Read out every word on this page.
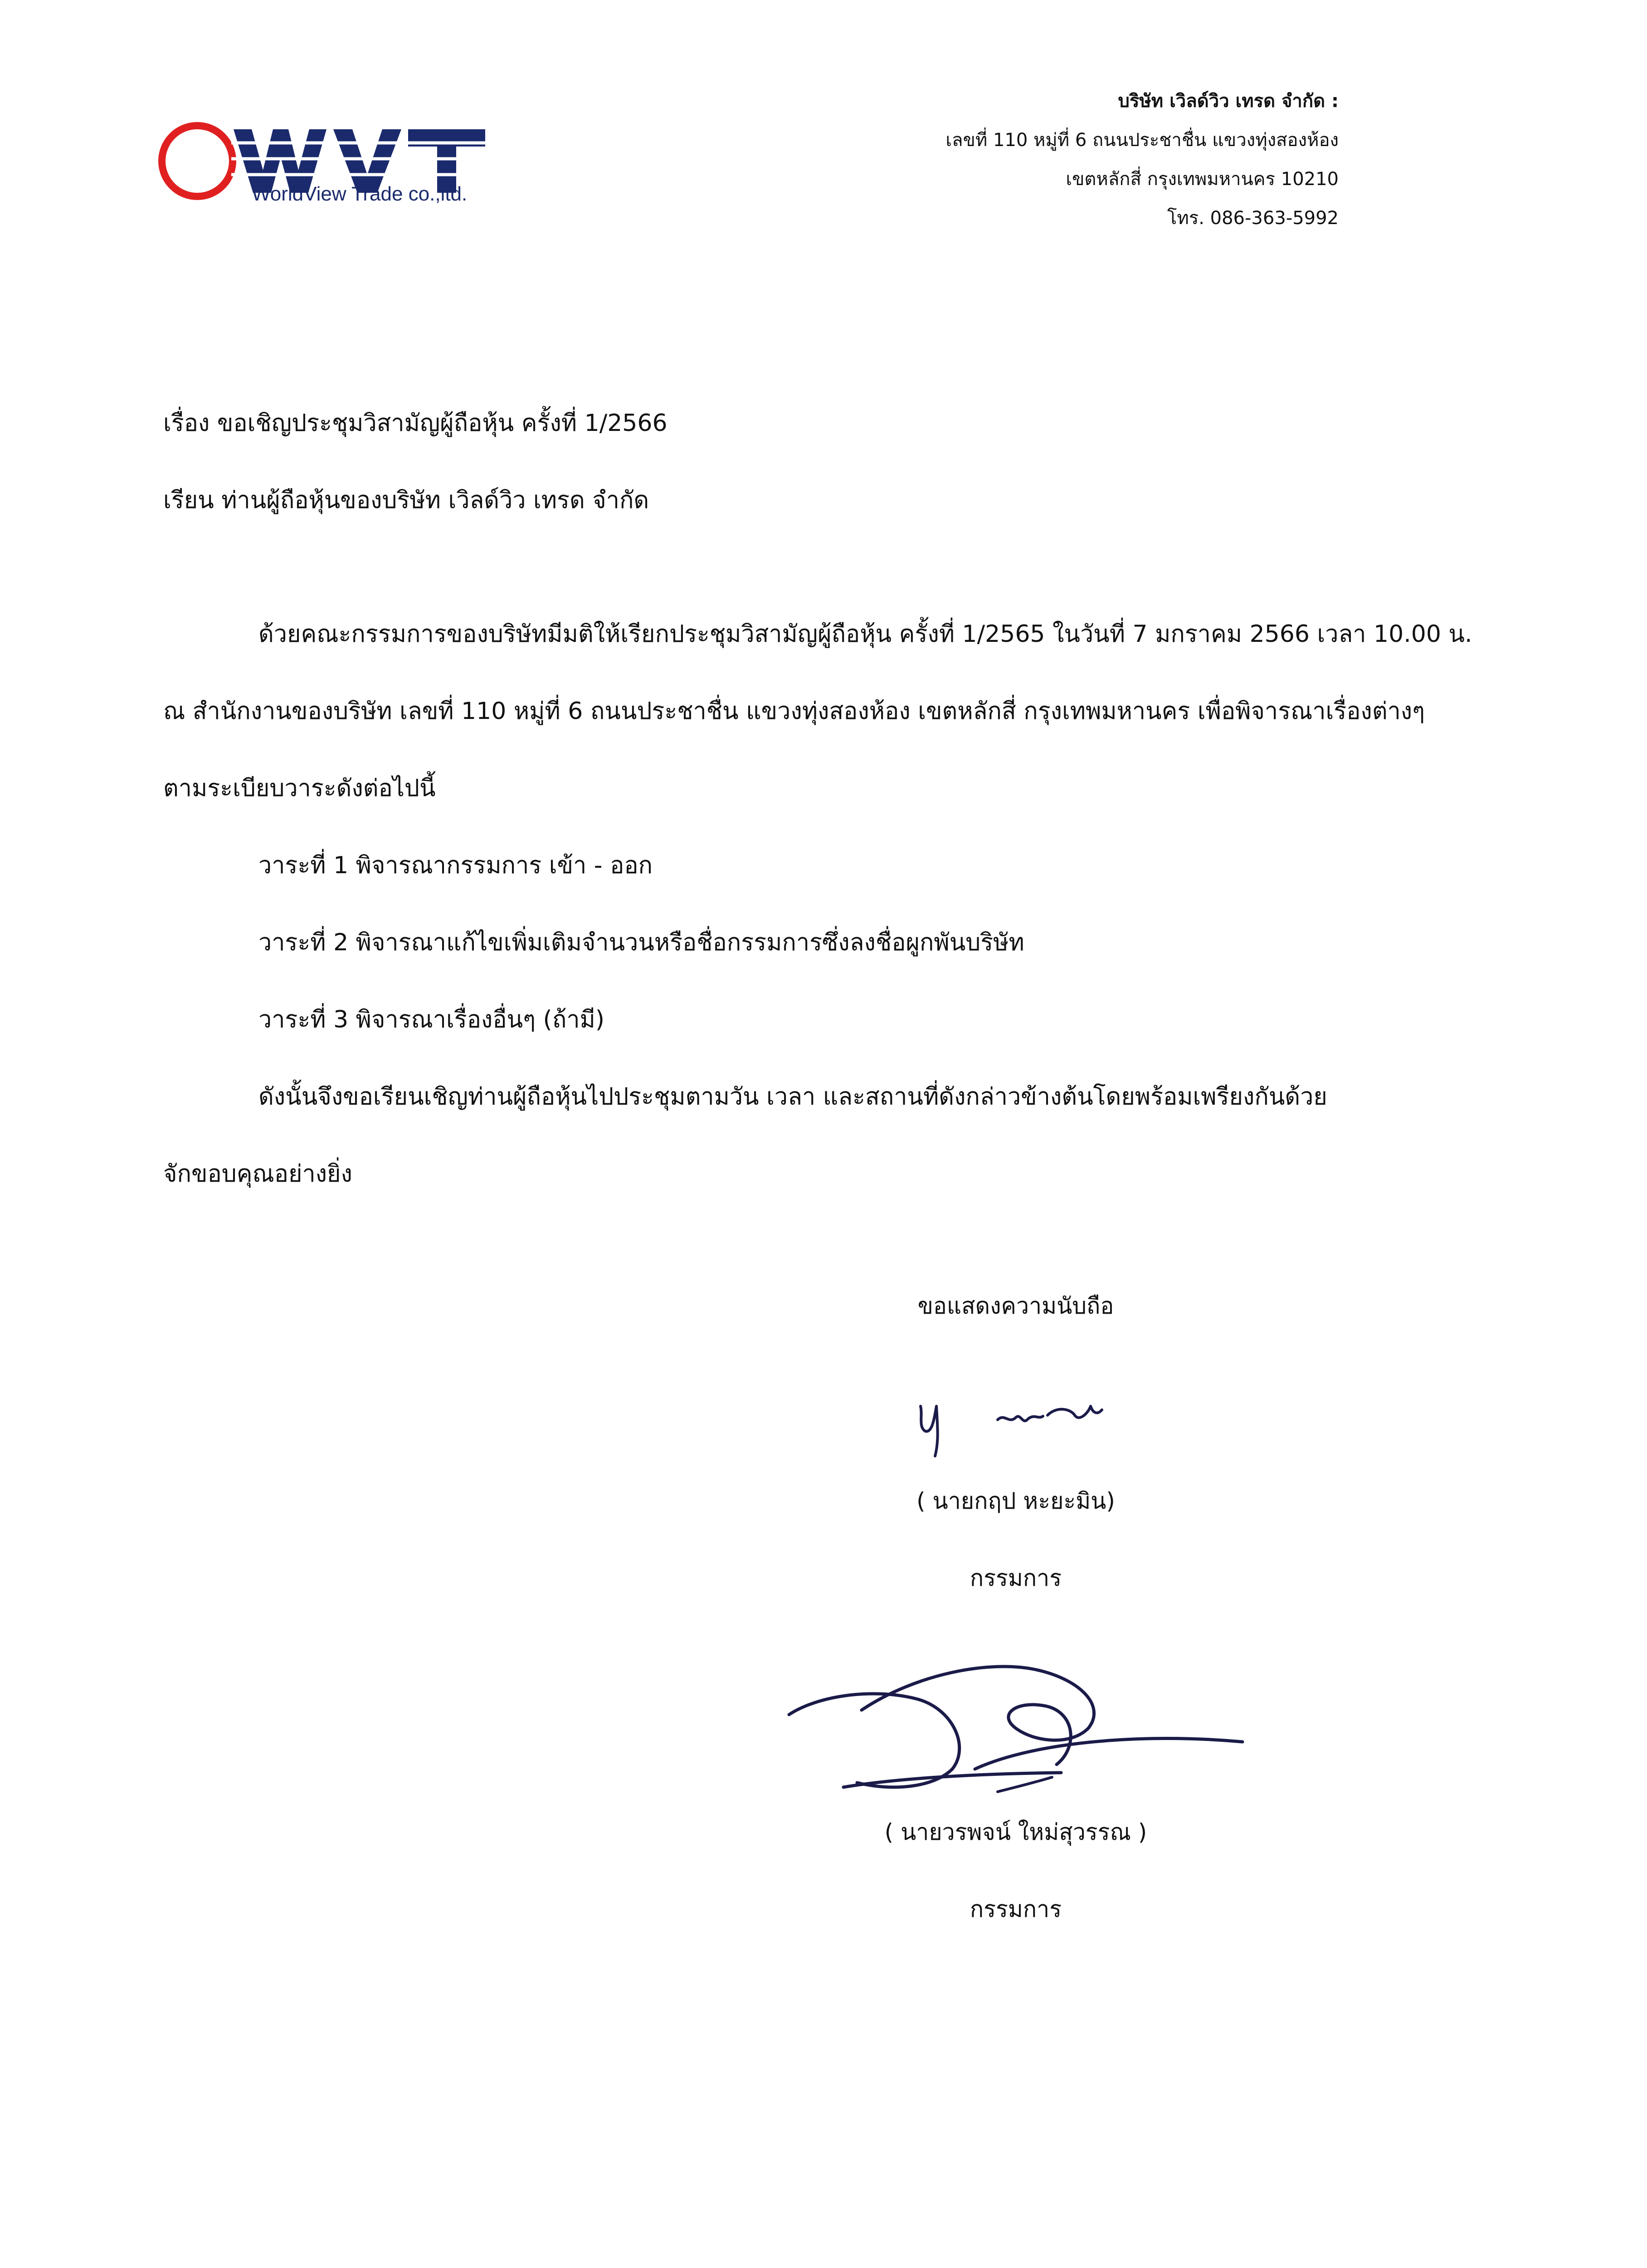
WorldView Trade co.,ltd.
บริษัท เวิลด์วิว เทรด จำกัด :
เลขที่ 110 หมู่ที่ 6 ถนนประชาชื่น แขวงทุ่งสองห้อง
เขตหลักสี่ กรุงเทพมหานคร 10210
โทร. 086-363-5992
เรื่อง ขอเชิญประชุมวิสามัญผู้ถือหุ้น ครั้งที่ 1/2566
เรียน ท่านผู้ถือหุ้นของบริษัท เวิลด์วิว เทรด จำกัด
ด้วยคณะกรรมการของบริษัทมีมติให้เรียกประชุมวิสามัญผู้ถือหุ้น ครั้งที่ 1/2565 ในวันที่ 7 มกราคม 2566 เวลา 10.00 น.
ณ สำนักงานของบริษัท เลขที่ 110 หมู่ที่ 6 ถนนประชาชื่น แขวงทุ่งสองห้อง เขตหลักสี่ กรุงเทพมหานคร เพื่อพิจารณาเรื่องต่างๆ
ตามระเบียบวาระดังต่อไปนี้
วาระที่ 1 พิจารณากรรมการ เข้า - ออก
วาระที่ 2 พิจารณาแก้ไขเพิ่มเติมจำนวนหรือชื่อกรรมการซึ่งลงชื่อผูกพันบริษัท
วาระที่ 3 พิจารณาเรื่องอื่นๆ (ถ้ามี)
ดังนั้นจึงขอเรียนเชิญท่านผู้ถือหุ้นไปประชุมตามวัน เวลา และสถานที่ดังกล่าวข้างต้นโดยพร้อมเพรียงกันด้วย
จักขอบคุณอย่างยิ่ง
ขอแสดงความนับถือ
( นายกฤป หะยะมิน)
กรรมการ
( นายวรพจน์ ใหม่สุวรรณ )
กรรมการ
